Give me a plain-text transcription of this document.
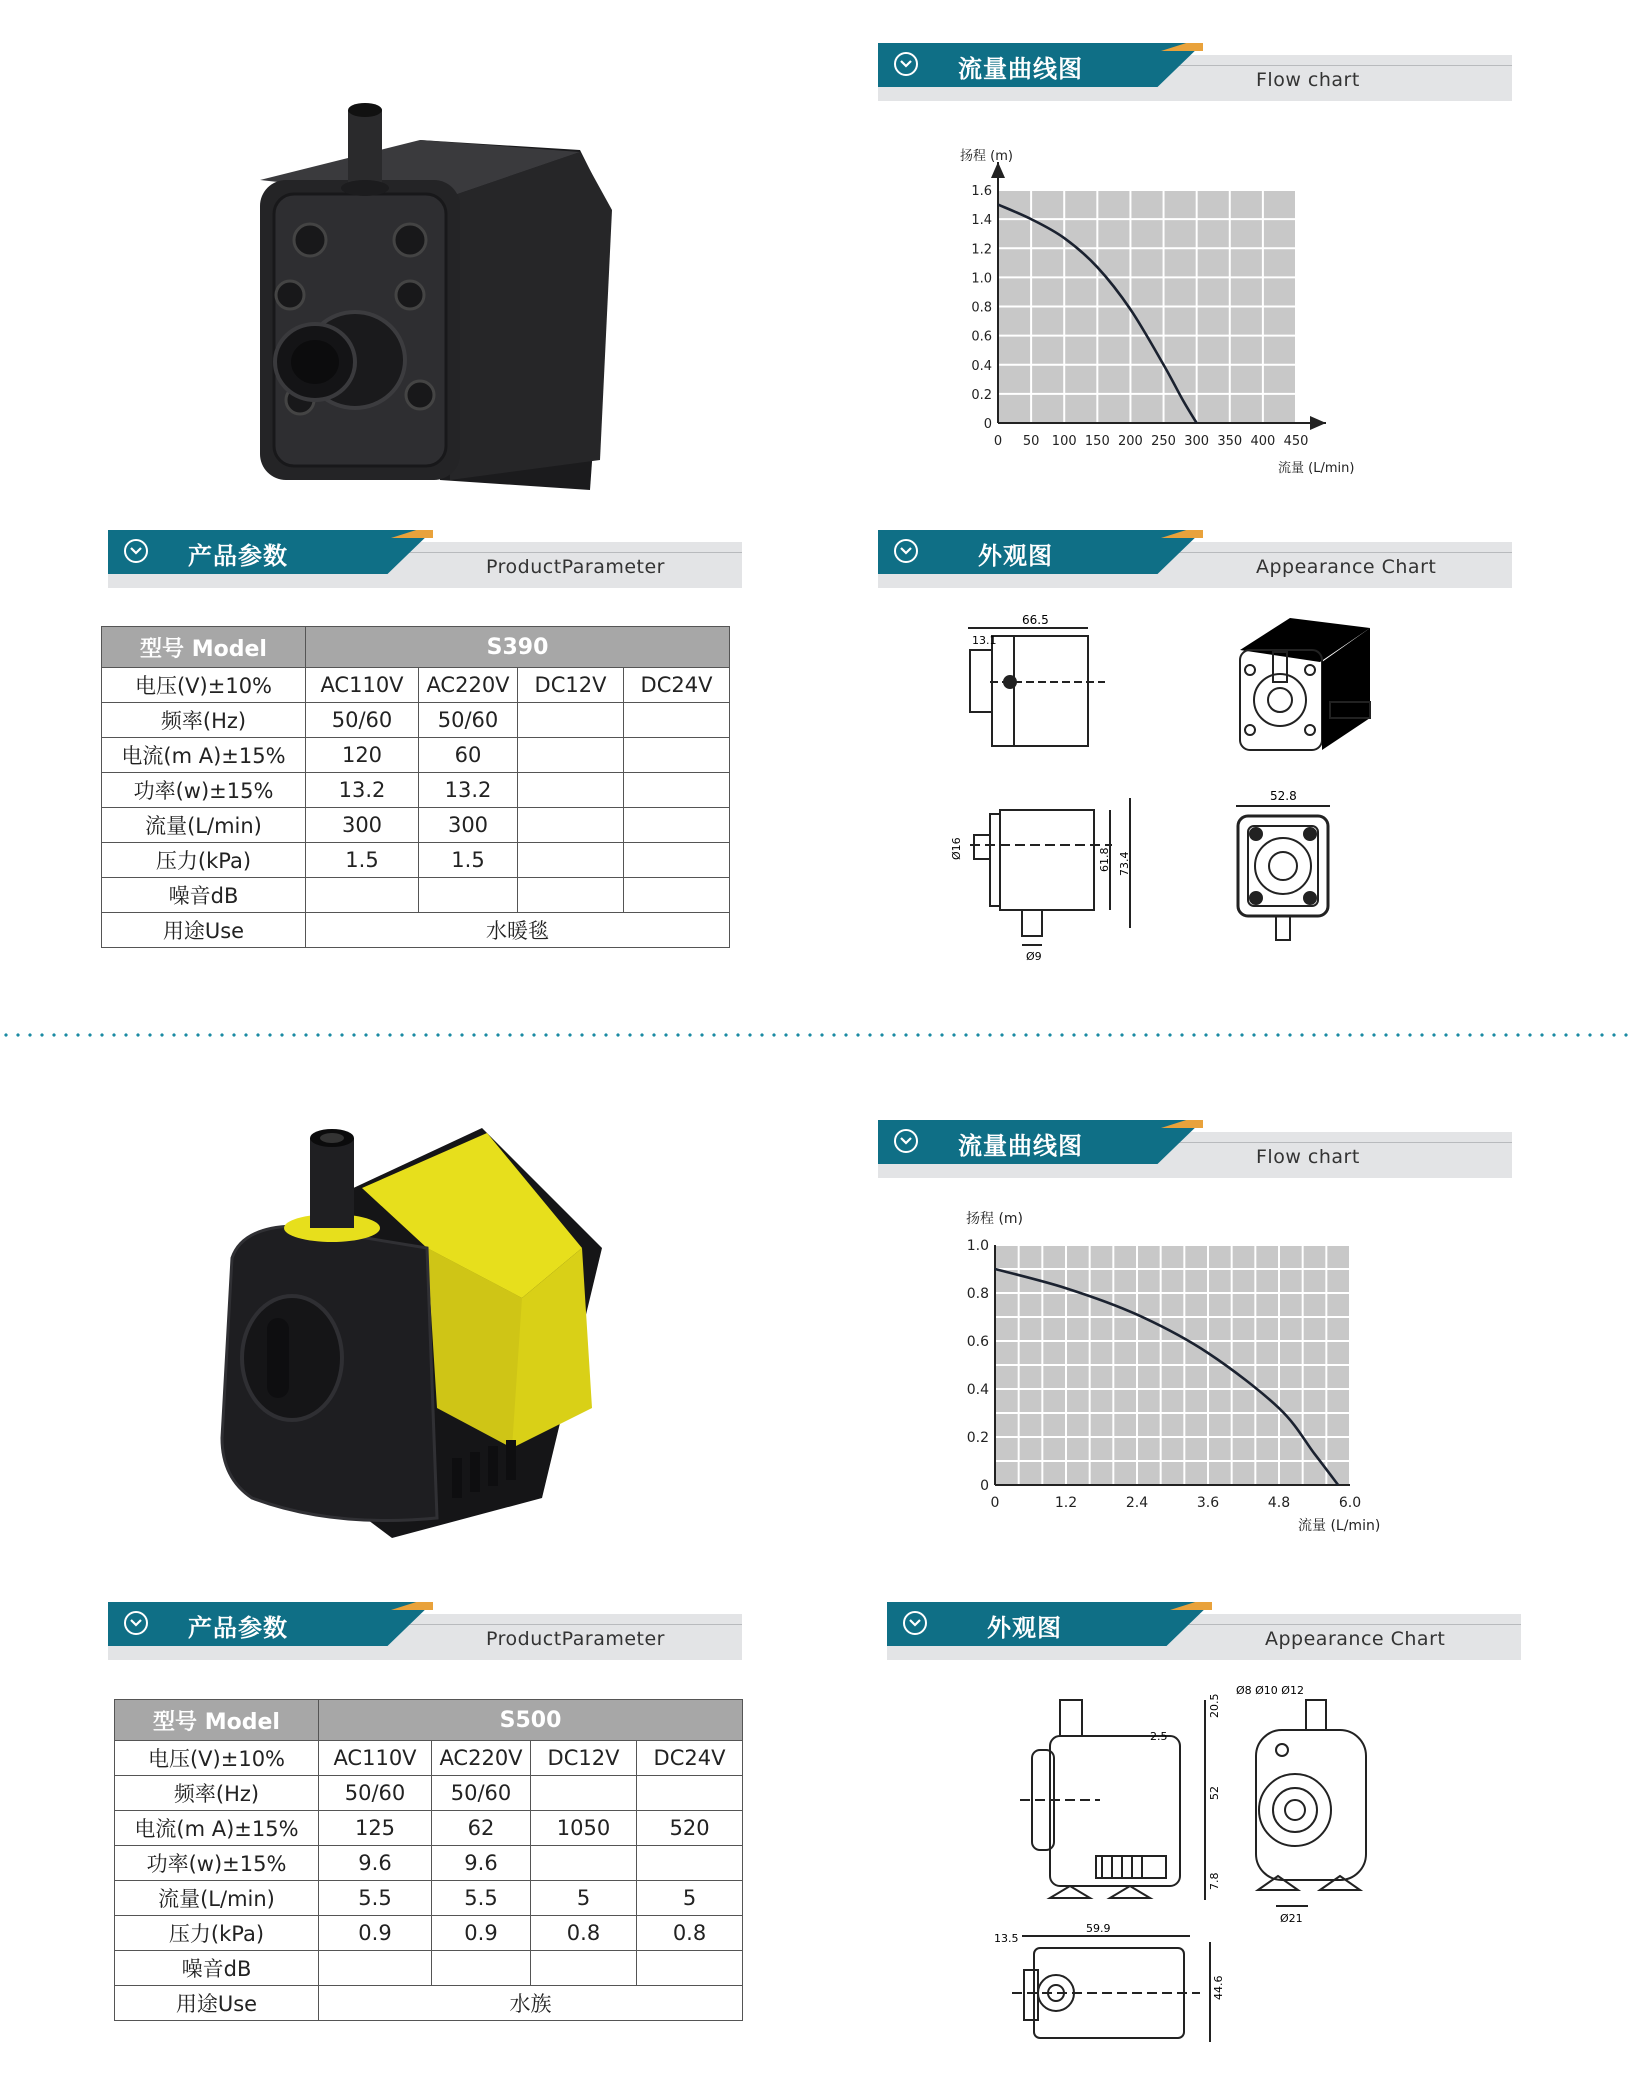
流量曲线图	Flow chart
0 50 100 150 200 250 300 350 400 450
0
0.2
0.4
0.6
0.8
1.0
1.2
1.4
1.6
扬程 (m)
流量 (L/min)
产品参数	ProductParameter	外观图	Appearance Chart
型号 Model	S390			
电压(V)±10%	AC110V	AC220V	DC12V	DC24V
频率(Hz)	50/60	50/60		
电流(m A)±15%	120	60		
功率(w)±15%	13.2	13.2		
流量(L/min)	300	300		
压力(kPa)	1.5	1.5		
噪音dB				
用途Use	水暖毯			
66.5
13.1
Ø16	61.8 73.4
Ø9
52.8
流量曲线图	Flow chart
0	1.2	2.4	3.6	4.8	6.0
0
0.2
0.4
0.6
0.8
1.0
扬程 (m)
流量 (L/min)
产品参数	ProductParameter	外观图	Appearance Chart
型号 Model	S500			
电压(V)±10%	AC110V	AC220V	DC12V	DC24V
频率(Hz)	50/60	50/60		
电流(m A)±15%	125	62	1050	520
功率(w)±15%	9.6	9.6		
流量(L/min)	5.5	5.5	5	5
压力(kPa)	0.9	0.9	0.8	0.8
噪音dB				
用途Use	水族			
2.5
20.5
52
7.8
Ø8 Ø10 Ø12
Ø21
13.5
59.9
44.6
